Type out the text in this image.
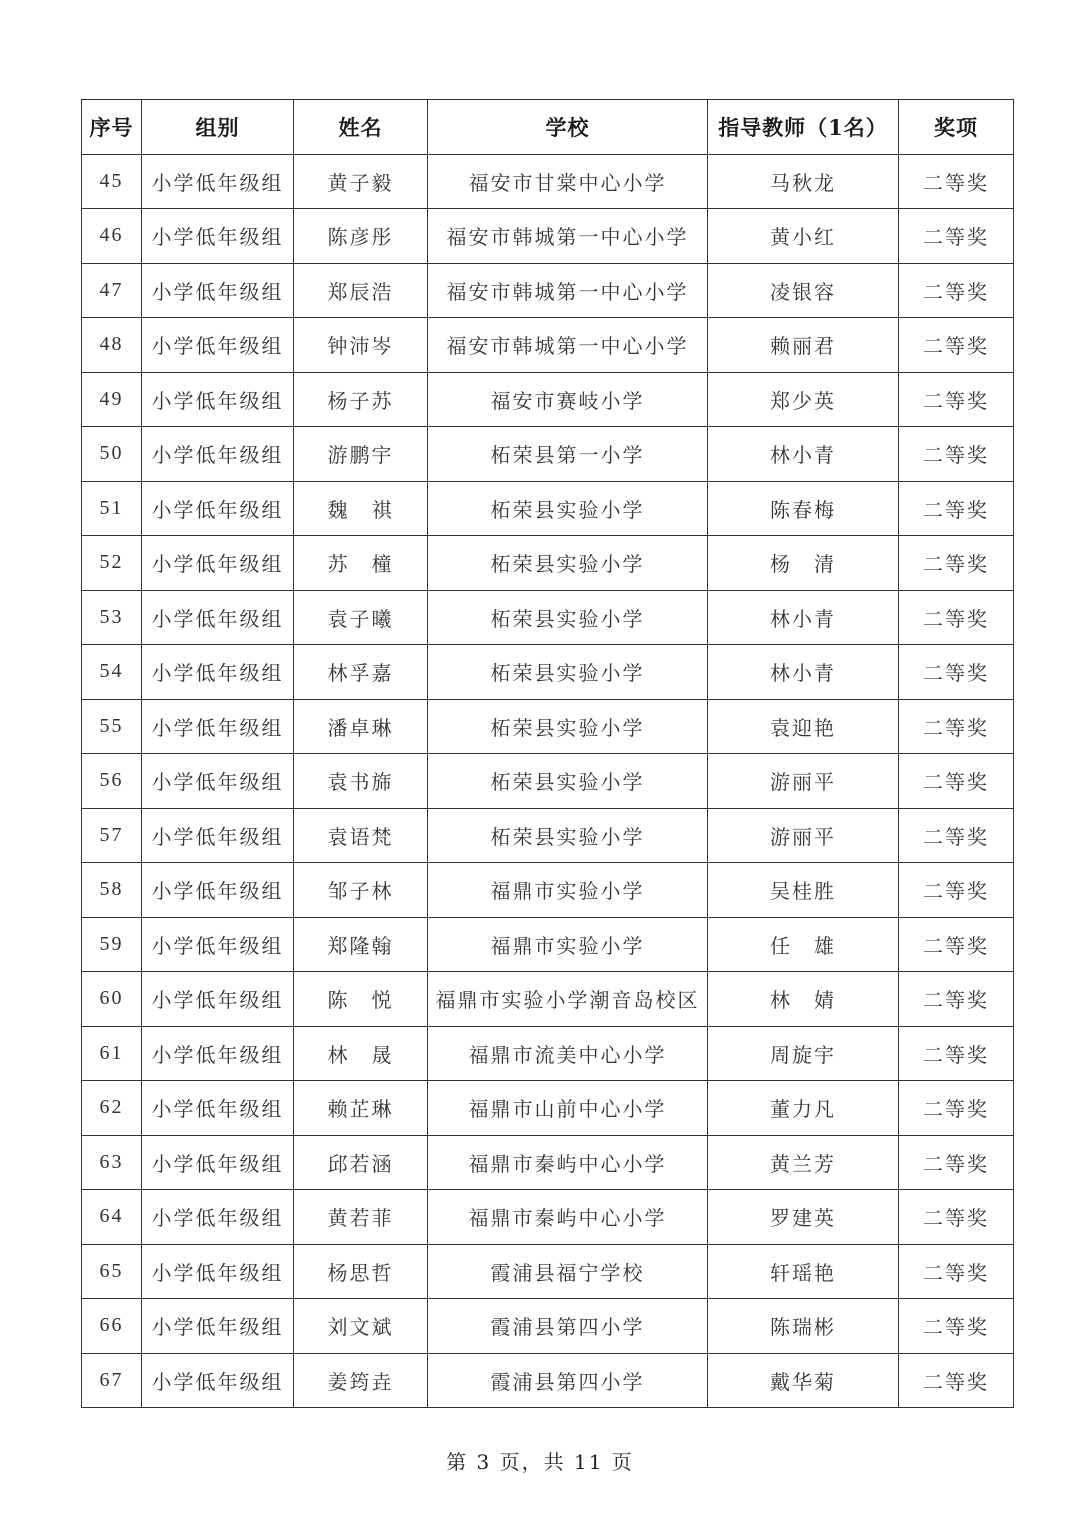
序号	组别	姓名	学校	指导教师（1名）	奖项
45	小学低年级组	黄子毅	福安市甘棠中心小学	马秋龙	二等奖
46	小学低年级组	陈彦彤	福安市韩城第一中心小学	黄小红	二等奖
47	小学低年级组	郑辰浩	福安市韩城第一中心小学	凌银容	二等奖
48	小学低年级组	钟沛岑	福安市韩城第一中心小学	赖丽君	二等奖
49	小学低年级组	杨子苏	福安市赛岐小学	郑少英	二等奖
50	小学低年级组	游鹏宇	柘荣县第一小学	林小青	二等奖
51	小学低年级组	魏　祺	柘荣县实验小学	陈春梅	二等奖
52	小学低年级组	苏　橦	柘荣县实验小学	杨　清	二等奖
53	小学低年级组	袁子曦	柘荣县实验小学	林小青	二等奖
54	小学低年级组	林孚嘉	柘荣县实验小学	林小青	二等奖
55	小学低年级组	潘卓琳	柘荣县实验小学	袁迎艳	二等奖
56	小学低年级组	袁书旆	柘荣县实验小学	游丽平	二等奖
57	小学低年级组	袁语梵	柘荣县实验小学	游丽平	二等奖
58	小学低年级组	邹子林	福鼎市实验小学	吴桂胜	二等奖
59	小学低年级组	郑隆翰	福鼎市实验小学	任　雄	二等奖
60	小学低年级组	陈　悦	福鼎市实验小学潮音岛校区	林　婧	二等奖
61	小学低年级组	林　晟	福鼎市流美中心小学	周旋宇	二等奖
62	小学低年级组	赖芷琳	福鼎市山前中心小学	董力凡	二等奖
63	小学低年级组	邱若涵	福鼎市秦屿中心小学	黄兰芳	二等奖
64	小学低年级组	黄若菲	福鼎市秦屿中心小学	罗建英	二等奖
65	小学低年级组	杨思哲	霞浦县福宁学校	轩瑶艳	二等奖
66	小学低年级组	刘文斌	霞浦县第四小学	陈瑞彬	二等奖
67	小学低年级组	姜筠垚	霞浦县第四小学	戴华菊	二等奖
第 3 页，共 11 页
